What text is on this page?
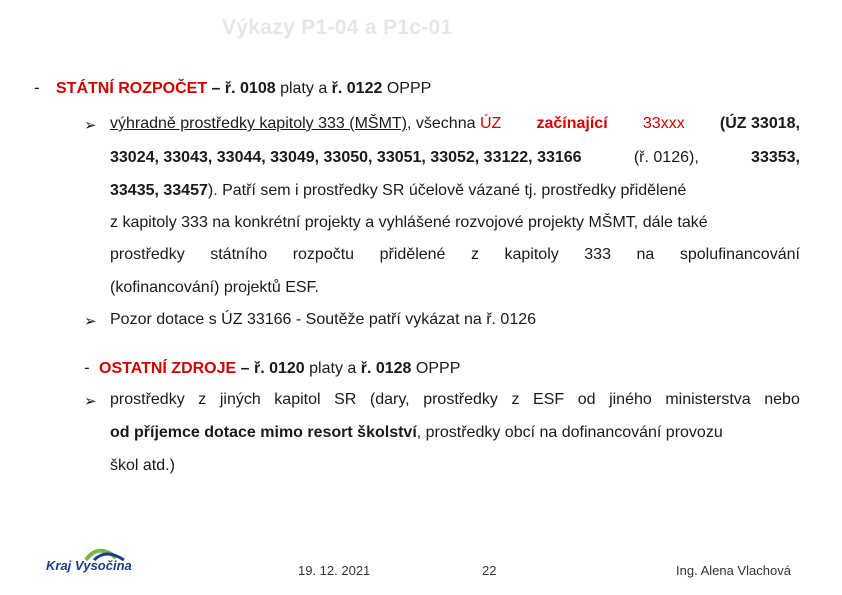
Výkazy P1-04 a P1c-01
- STÁTNÍ ROZPOČET – ř. 0108 platy a ř. 0122 OPPP
➢ výhradně prostředky kapitoly 333 (MŠMT), všechna ÚZ začínající 33xxx (ÚZ 33018,
33024, 33043, 33044, 33049, 33050, 33051, 33052, 33122, 33166	(ř. 0126),	33353,
33435, 33457). Patří sem i prostředky SR účelově vázané tj. prostředky přidělené
z kapitoly 333 na konkrétní projekty a vyhlášené rozvojové projekty MŠMT, dále také
prostředky státního rozpočtu přidělené z kapitoly 333 na spolufinancování
(kofinancování) projektů ESF.
➢ Pozor dotace s ÚZ 33166 - Soutěže patří vykázat na ř. 0126
- OSTATNÍ ZDROJE – ř. 0120 platy a ř. 0128 OPPP
➢ prostředky z jiných kapitol SR (dary, prostředky z ESF od jiného ministerstva nebo
od příjemce dotace mimo resort školství, prostředky obcí na dofinancování provozu
škol atd.)
Kraj Vysočina	19. 12. 2021	22	Ing. Alena Vlachová
